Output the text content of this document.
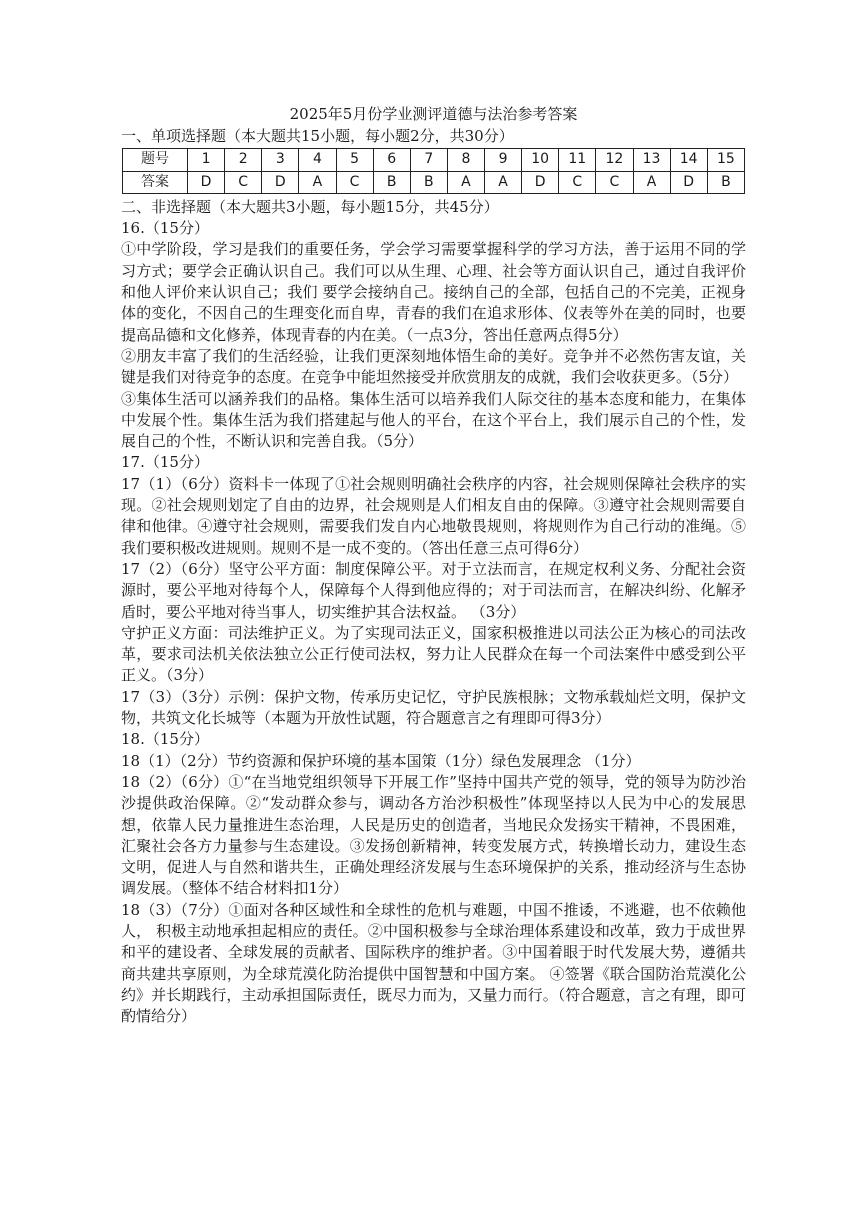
2025年5月份学业测评道德与法治参考答案

一、单项选择题（本大题共15小题，每小题2分，共30分）

题号	1	2	3	4	5	6	7	8	9	10	11	12	13	14	15
答案	D	C	D	A	C	B	B	A	A	D	C	C	A	D	B

二、非选择题（本大题共3小题，每小题15分，共45分）

16.（15分）

①中学阶段，学习是我们的重要任务，学会学习需要掌握科学的学习方法，善于运用不同的学习方式；要学会正确认识自己。我们可以从生理、心理、社会等方面认识自己，通过自我评价和他人评价来认识自己；我们 要学会接纳自己。接纳自己的全部，包括自己的不完美，正视身体的变化，不因自己的生理变化而自卑，青春的我们在追求形体、仪表等外在美的同时，也要提高品德和文化修养，体现青春的内在美。（一点3分，答出任意两点得5分）

②朋友丰富了我们的生活经验，让我们更深刻地体悟生命的美好。竞争并不必然伤害友谊，关键是我们对待竞争的态度。在竞争中能坦然接受并欣赏朋友的成就，我们会收获更多。（5分）

③集体生活可以涵养我们的品格。集体生活可以培养我们人际交往的基本态度和能力，在集体中发展个性。集体生活为我们搭建起与他人的平台，在这个平台上，我们展示自己的个性，发展自己的个性，不断认识和完善自我。（5分）

17.（15分）

17（1）（6分）资料卡一体现了①社会规则明确社会秩序的内容，社会规则保障社会秩序的实现。②社会规则划定了自由的边界，社会规则是人们相友自由的保障。③遵守社会规则需要自律和他律。④遵守社会规则，需要我们发自内心地敬畏规则，将规则作为自己行动的准绳。⑤我们要积极改进规则。规则不是一成不变的。（答出任意三点可得6分）

17（2）（6分）坚守公平方面：制度保障公平。对于立法而言，在规定权利义务、分配社会资源时，要公平地对待每个人，保障每个人得到他应得的；对于司法而言，在解决纠纷、化解矛盾时，要公平地对待当事人，切实维护其合法权益。 （3分）

守护正义方面：司法维护正义。为了实现司法正义，国家积极推进以司法公正为核心的司法改革，要求司法机关依法独立公正行使司法权，努力让人民群众在每一个司法案件中感受到公平正义。（3分）

17（3）（3分）示例：保护文物，传承历史记忆，守护民族根脉；文物承载灿烂文明，保护文物，共筑文化长城等（本题为开放性试题，符合题意言之有理即可得3分）

18.（15分）

18（1）（2分）节约资源和保护环境的基本国策（1分）绿色发展理念 （1分）

18（2）（6分）①“在当地党组织领导下开展工作”坚持中国共产党的领导，党的领导为防沙治沙提供政治保障。②“发动群众参与，调动各方治沙积极性”体现坚持以人民为中心的发展思想，依靠人民力量推进生态治理，人民是历史的创造者，当地民众发扬实干精神，不畏困难，汇聚社会各方力量参与生态建设。③发扬创新精神，转变发展方式，转换增长动力，建设生态文明，促进人与自然和谐共生，正确处理经济发展与生态环境保护的关系，推动经济与生态协调发展。（整体不结合材料扣1分）

18（3）（7分）①面对各种区域性和全球性的危机与难题，中国不推诿，不逃避，也不依赖他人， 积极主动地承担起相应的责任。②中国积极参与全球治理体系建设和改革，致力于成世界和平的建设者、全球发展的贡献者、国际秩序的维护者。③中国着眼于时代发展大势，遵循共商共建共享原则，为全球荒漠化防治提供中国智慧和中国方案。 ④签署《联合国防治荒漠化公约》并长期践行，主动承担国际责任，既尽力而为，又量力而行。（符合题意，言之有理，即可酌情给分）
